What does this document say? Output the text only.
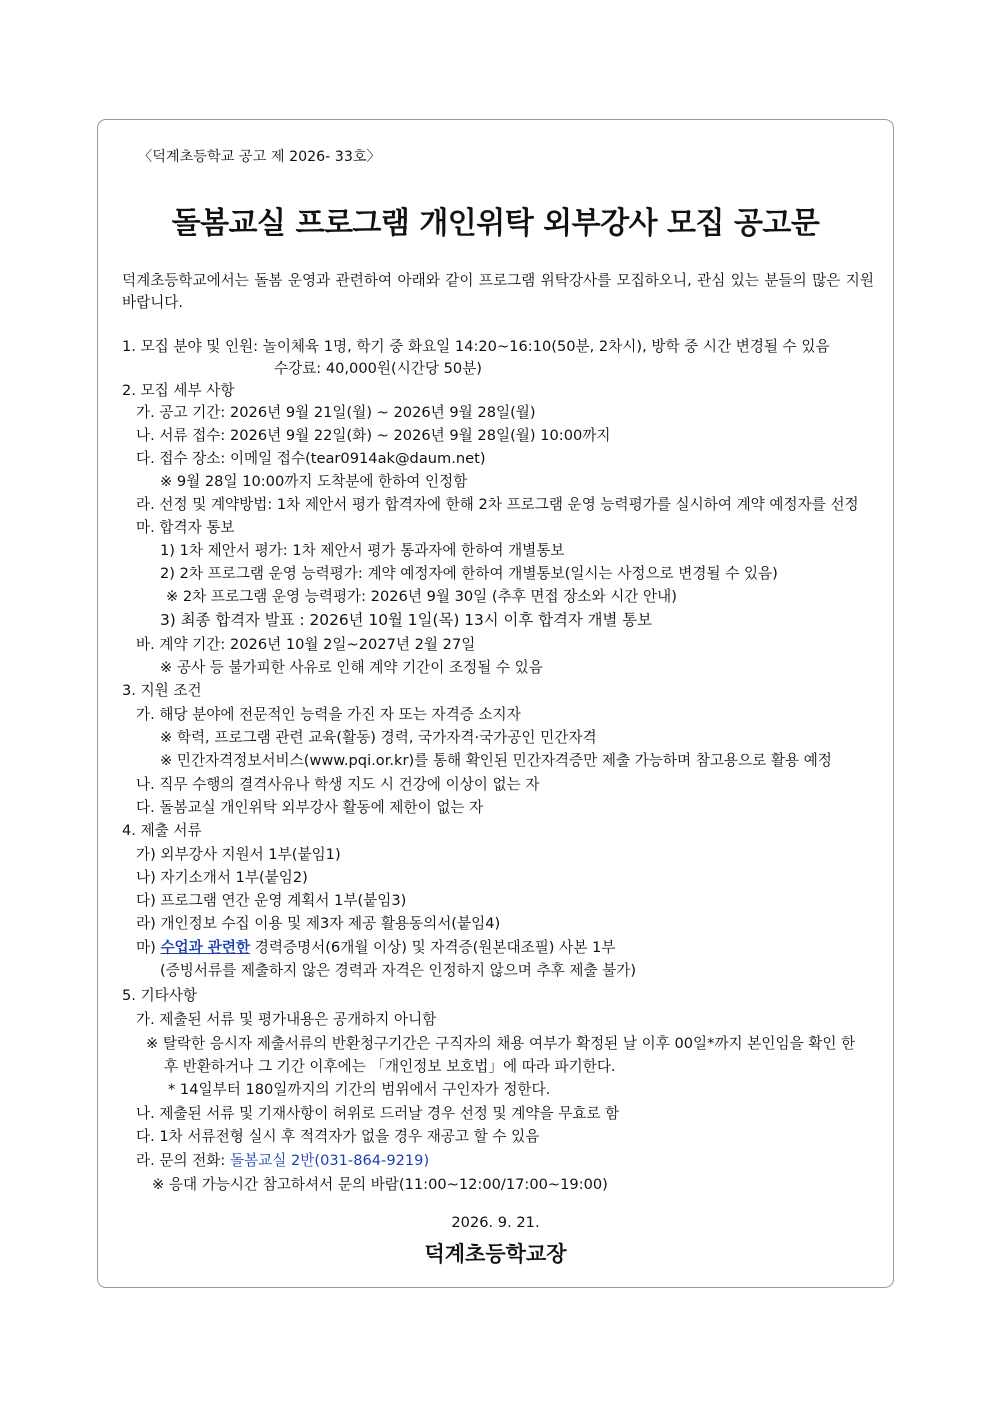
〈덕계초등학교 공고 제 2026- 33호〉
돌봄교실 프로그램 개인위탁 외부강사 모집 공고문
덕계초등학교에서는 돌봄 운영과 관련하여 아래와 같이 프로그램 위탁강사를 모집하오니, 관심 있는 분들의 많은 지원 바랍니다.
1. 모집 분야 및 인원: 놀이체육 1명, 학기 중 화요일 14:20~16:10(50분, 2차시), 방학 중 시간 변경될 수 있음
수강료: 40,000원(시간당 50분)
2. 모집 세부 사항
가. 공고 기간: 2026년 9월 21일(월) ~ 2026년 9월 28일(월)
나. 서류 접수: 2026년 9월 22일(화) ~ 2026년 9월 28일(월) 10:00까지
다. 접수 장소: 이메일 접수(tear0914ak@daum.net)
※ 9월 28일 10:00까지 도착분에 한하여 인정함
라. 선정 및 계약방법: 1차 제안서 평가 합격자에 한해 2차 프로그램 운영 능력평가를 실시하여 계약 예정자를 선정
마. 합격자 통보
1) 1차 제안서 평가: 1차 제안서 평가 통과자에 한하여 개별통보
2) 2차 프로그램 운영 능력평가: 계약 예정자에 한하여 개별통보(일시는 사정으로 변경될 수 있음)
※ 2차 프로그램 운영 능력평가: 2026년 9월 30일 (추후 면접 장소와 시간 안내)
3) 최종 합격자 발표 : 2026년 10월 1일(목) 13시 이후 합격자 개별 통보
바. 계약 기간: 2026년 10월 2일~2027년 2월 27일
※ 공사 등 불가피한 사유로 인해 계약 기간이 조정될 수 있음
3. 지원 조건
가. 해당 분야에 전문적인 능력을 가진 자 또는 자격증 소지자
※ 학력, 프로그램 관련 교육(활동) 경력, 국가자격·국가공인 민간자격
※ 민간자격정보서비스(www.pqi.or.kr)를 통해 확인된 민간자격증만 제출 가능하며 참고용으로 활용 예정
나. 직무 수행의 결격사유나 학생 지도 시 건강에 이상이 없는 자
다. 돌봄교실 개인위탁 외부강사 활동에 제한이 없는 자
4. 제출 서류
가) 외부강사 지원서 1부(붙임1)
나) 자기소개서 1부(붙임2)
다) 프로그램 연간 운영 계획서 1부(붙임3)
라) 개인정보 수집 이용 및 제3자 제공 활용동의서(붙임4)
마) 수업과 관련한 경력증명서(6개월 이상) 및 자격증(원본대조필) 사본 1부
(증빙서류를 제출하지 않은 경력과 자격은 인정하지 않으며 추후 제출 불가)
5. 기타사항
가. 제출된 서류 및 평가내용은 공개하지 아니함
※ 탈락한 응시자 제출서류의 반환청구기간은 구직자의 채용 여부가 확정된 날 이후 00일*까지 본인임을 확인 한
후 반환하거나 그 기간 이후에는 「개인정보 보호법」에 따라 파기한다.
* 14일부터 180일까지의 기간의 범위에서 구인자가 정한다.
나. 제출된 서류 및 기재사항이 허위로 드러날 경우 선정 및 계약을 무효로 함
다. 1차 서류전형 실시 후 적격자가 없을 경우 재공고 할 수 있음
라. 문의 전화: 돌봄교실 2반(031-864-9219)
※ 응대 가능시간 참고하셔서 문의 바람(11:00~12:00/17:00~19:00)
2026. 9. 21.
덕계초등학교장
